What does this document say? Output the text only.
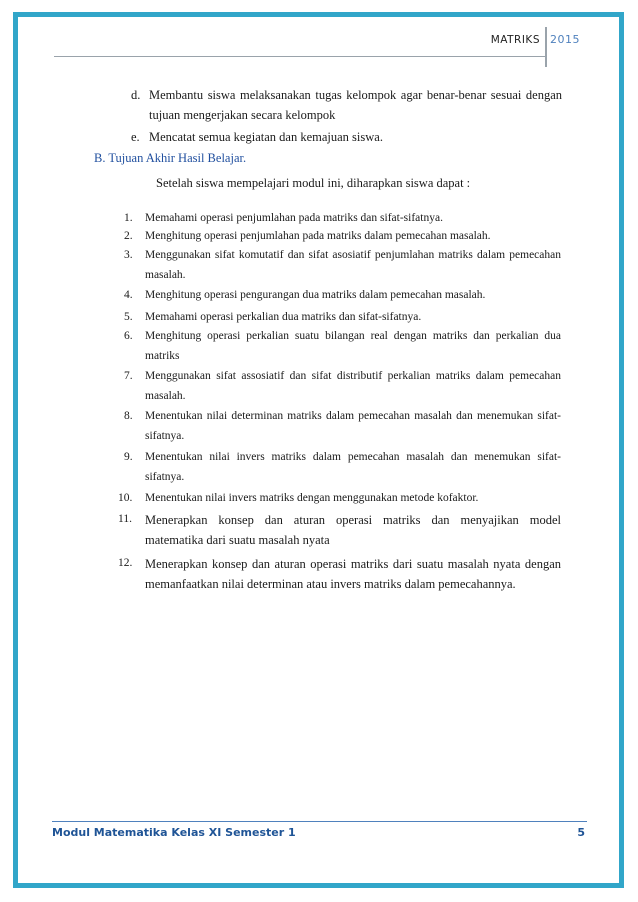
MATRIKS 2015
d. Membantu siswa melaksanakan tugas kelompok agar benar-benar sesuai dengan
tujuan mengerjakan secara kelompok
e. Mencatat semua kegiatan dan kemajuan siswa.
B. Tujuan Akhir Hasil Belajar.
Setelah siswa mempelajari modul ini, diharapkan siswa dapat :
1. Memahami operasi penjumlahan pada matriks dan sifat-sifatnya.
2. Menghitung operasi penjumlahan pada matriks dalam pemecahan masalah.
3. Menggunakan sifat komutatif dan sifat asosiatif penjumlahan matriks dalam pemecahan
masalah.
4. Menghitung operasi pengurangan dua matriks dalam pemecahan masalah.
5. Memahami operasi perkalian dua matriks dan sifat-sifatnya.
6. Menghitung operasi perkalian suatu bilangan real dengan matriks dan perkalian dua
matriks
7. Menggunakan sifat assosiatif dan sifat distributif perkalian matriks dalam pemecahan
masalah.
8. Menentukan nilai determinan matriks dalam pemecahan masalah dan menemukan sifat-
sifatnya.
9. Menentukan nilai invers matriks dalam pemecahan masalah dan menemukan sifat-
sifatnya.
10. Menentukan nilai invers matriks dengan menggunakan metode kofaktor.
11. Menerapkan konsep dan aturan operasi matriks dan menyajikan model
matematika dari suatu masalah nyata
12. Menerapkan konsep dan aturan operasi matriks dari suatu masalah nyata dengan
memanfaatkan nilai determinan atau invers matriks dalam pemecahannya.
Modul Matematika Kelas XI Semester 1	5
